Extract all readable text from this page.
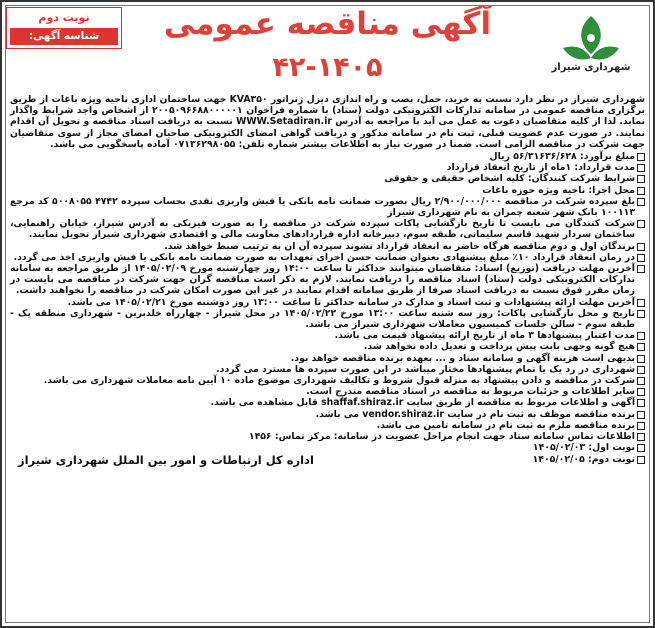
نوبت دوم
شناسه آگهی: ۲۱۵۹۹۶۷
آگهی مناقصه عمومی
۴۲-۱۴۰۵	شهرداری شیراز

شهرداری شیراز در نظر دارد نسبت به خرید، حمل، نصب و راه اندازی دیزل ژنراتور KVA۳۵۰ جهت ساختمان اداری ناحیه ویژه باغات از طریق برگزاری مناقصه عمومی در سامانه تدارکات الکترونیکی دولت (ستاد) با شماره فراخوان ۲۰۰۵۰۹۶۶۸۸۰۰۰۰۰۱ از اشخاص واجد شرایط واگذار نماید. لذا از کلیه متقاضیان دعوت به عمل می آید با مراجعه به آدرس WWW.Setadiran.ir نسبت به دریافت اسناد مناقصه و تحویل آن اقدام نمایند. در صورت عدم عضویت قبلی، ثبت نام در سامانه مذکور و دریافت گواهی امضای الکترونیکی صاحبان امضای مجاز از سوی متقاضیان جهت شرکت در مناقصه الزامی است. ضمنا در صورت نیاز به اطلاعات بیشتر شماره تلفن: ۰۷۱۳۶۲۹۸۰۵۵ آماده پاسخگویی می باشد.

مبلغ برآورد: ۵۶/۳۱۶۳۶/۶۲۸ ریال
مدت قرارداد: ۱ماه از تاریخ انعقاد قرارداد
شرایط شرکت کنندگان: کلیه اشخاص حقیقی و حقوقی
محل اجرا: ناحیه ویژه حوزه باغات
بلغ سپرده شرکت در مناقصه ۲/۹۰۰/۰۰۰/۰۰۰ ریال بصورت ضمانت نامه بانکی یا فیش واریزی نقدی بحساب سپرده ۴۷۴۲ ۵۰۰۸۰۵۵ کد مرجع ۱۰۰۱۱۳ بانک شهر شعبه چمران به نام شهرداری شیراز
شرکت کنندگان می بایست تا تاریخ بازگشایی پاکات سپرده شرکت در مناقصه را به صورت فیزیکی به آدرس شیراز، خیابان راهنمایی، ساختمان سردار شهید قاسم سلیمانی، طبقه سوم، دبیرخانه اداره قراردادهای معاونت مالی و اقتصادی شهرداری شیراز تحویل نمایند.
برندگان اول و دوم مناقصه هرگاه حاضر به انعقاد قرارداد نشوند سپرده آن ان به ترتیب ضبط خواهد شد.
در زمان انعقاد قرارداد ۱۰٪ مبلغ پیشنهادی بعنوان ضمانت حسن اجرای تعهدات به صورت ضمانت نامه بانکی یا فیش واریزی اخذ می گردد.
آخرین مهلت دریافت (توزیع) اسناد: متقاضیان میتوانند حداکثر تا ساعت ۱۴:۰۰ روز چهارشنبه مورخ ۱۴۰۵/۰۲/۰۹ از طریق مراجعه به سامانه تدارکات الکترونیکی دولت (ستاد) اسناد مناقصه را دریافت نمایند. لازم به ذکر است مناقصه گران جهت شرکت در مناقصه می بایست در زمان مقرر فوق نسبت به دریافت اسناد صرفا از طریق سامانه اقدام نمایند در غیر این صورت امکان شرکت در مناقصه را نخواهند داشت.
آخرین مهلت ارائه پیشنهادات و ثبت اسناد و مدارک در سامانه حداکثر تا ساعت ۱۳:۰۰ روز دوشنبه مورخ ۱۴۰۵/۰۲/۲۱ می باشد.
تاریخ و محل بازگشایی پاکات: روز سه شنبه ساعت ۱۳:۰۰ مورخ ۱۴۰۵/۰۲/۲۲ در محل شیراز - چهارراه خلدبرین - شهرداری منطقه یک - طبقه سوم - سالن جلسات کمیسیون معاملات شهرداری شیراز می باشد.
مدت اعتبار پیشنهادها ۳ ماه از تاریخ ارائه پیشنهاد قیمت می باشد.
هیچ گونه وجهی بابت پیش پرداخت و تعدیل داده نخواهد شد.
بدیهی است هزینه آگهی و سامانه ستاد و ... بعهده برنده مناقصه خواهد بود.
شهرداری در رد یک یا تمام پیشنهادها مختار میباشد در این صورت سپرده ها مسترد می گردد.
شرکت در مناقصه و دادن پیشنهاد به منزله قبول شروط و تکالیف شهرداری موضوع ماده ۱۰ آیین نامه معاملات شهرداری می باشد.
سایر اطلاعات و جزئیات مربوط به مناقصه در اسناد مناقصه مندرج است.
آگهی و اطلاعات مربوط به مناقصه از طریق سایت shaffaf.shiraz.ir قابل مشاهده می باشد.
برنده مناقصه موظف به ثبت نام در سایت vendor.shiraz.ir می باشد.
برنده مناقصه ملزم به ثبت نام در سامانه تامین می باشد.
اطلاعات تماس سامانه ستاد جهت انجام مراحل عضویت در سامانه: مرکز تماس: ۱۴۵۶
نوبت اول: ۱۴۰۵/۰۲/۰۳
نوبت دوم: ۱۴۰۵/۰۲/۰۵
اداره کل ارتباطات و امور بین الملل شهرداری شیراز
